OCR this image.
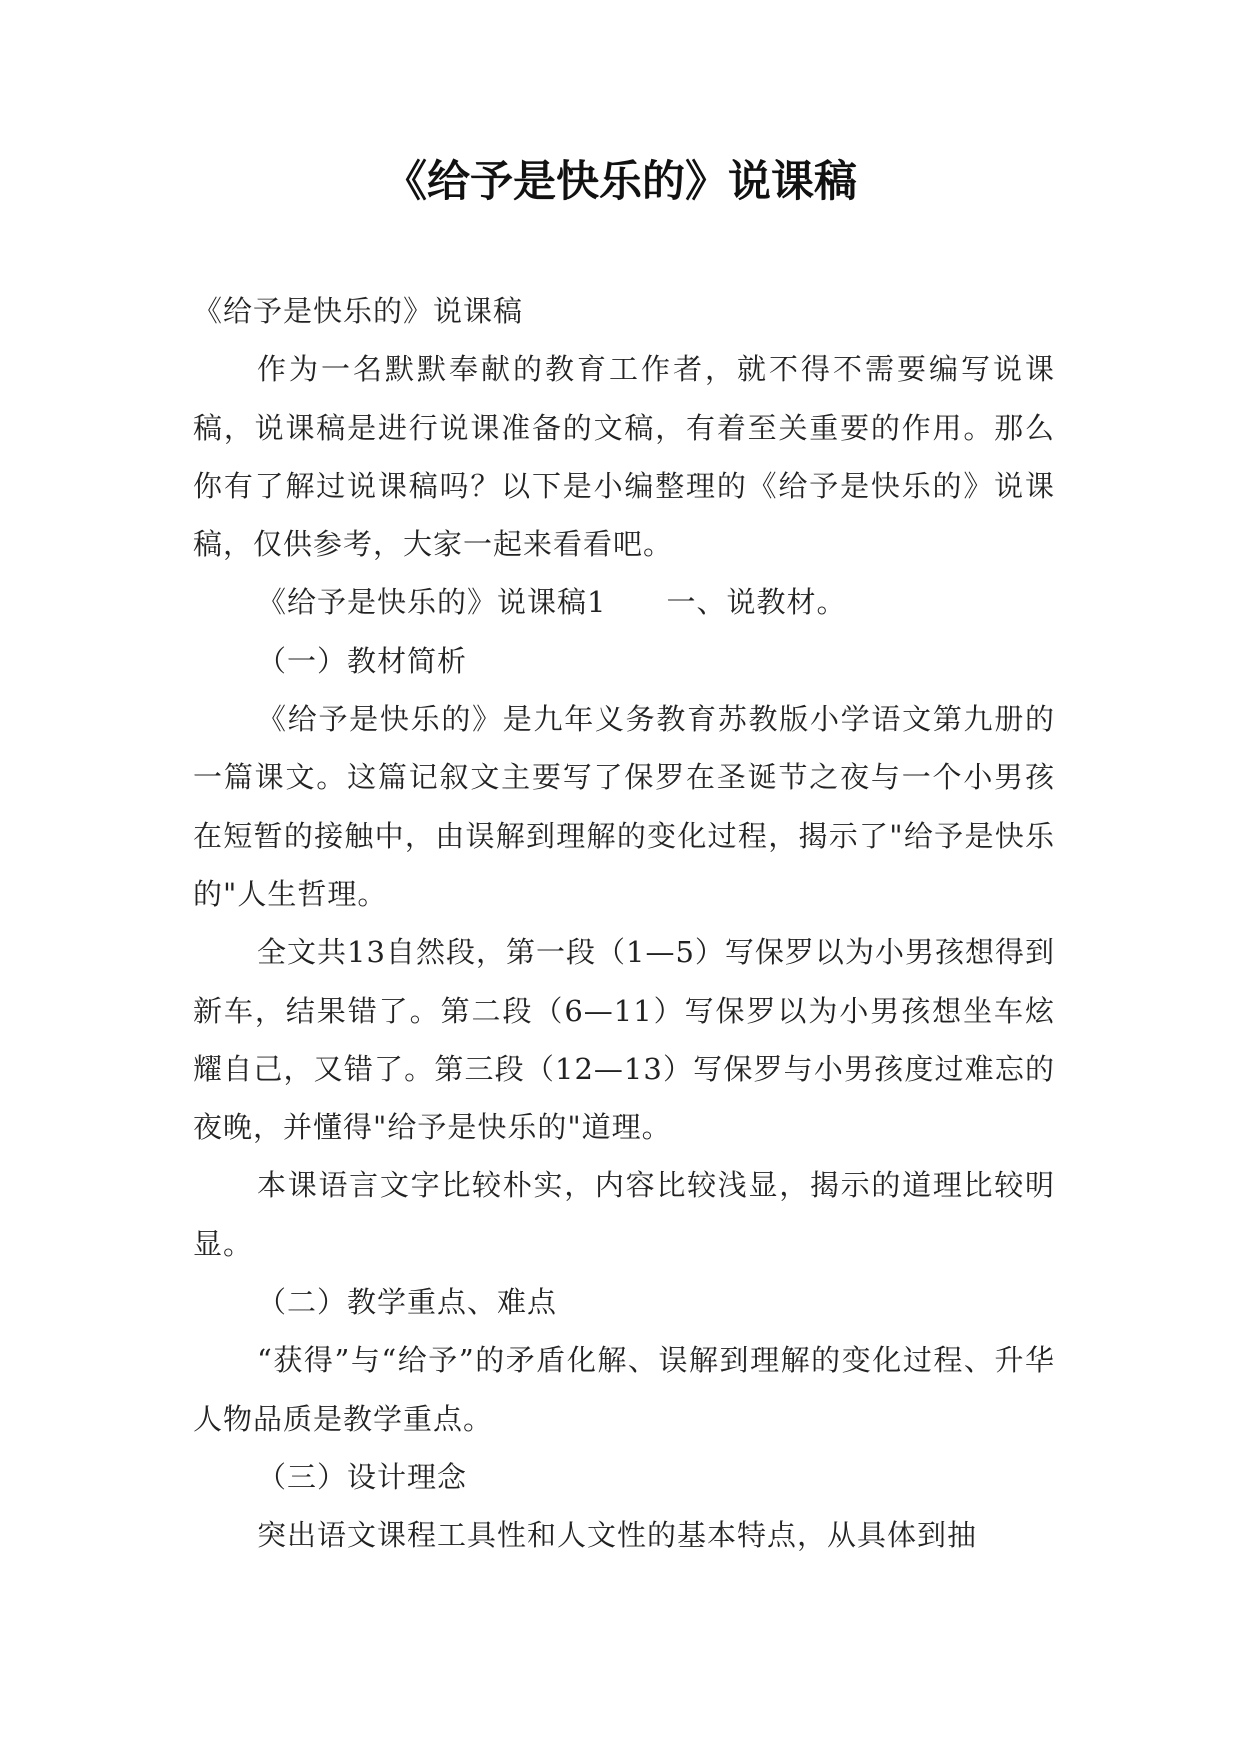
《给予是快乐的》说课稿

《给予是快乐的》说课稿

作为一名默默奉献的教育工作者，就不得不需要编写说课稿，说课稿是进行说课准备的文稿，有着至关重要的作用。那么你有了解过说课稿吗？以下是小编整理的《给予是快乐的》说课稿，仅供参考，大家一起来看看吧。

《给予是快乐的》说课稿1　　一、说教材。

（一）教材简析

《给予是快乐的》是九年义务教育苏教版小学语文第九册的一篇课文。这篇记叙文主要写了保罗在圣诞节之夜与一个小男孩在短暂的接触中，由误解到理解的变化过程，揭示了"给予是快乐的"人生哲理。

全文共13自然段，第一段（1—5）写保罗以为小男孩想得到新车，结果错了。第二段（6—11）写保罗以为小男孩想坐车炫耀自己，又错了。第三段（12—13）写保罗与小男孩度过难忘的夜晚，并懂得"给予是快乐的"道理。

本课语言文字比较朴实，内容比较浅显，揭示的道理比较明显。

（二）教学重点、难点

“获得”与“给予”的矛盾化解、误解到理解的变化过程、升华人物品质是教学重点。

（三）设计理念

突出语文课程工具性和人文性的基本特点，从具体到抽
